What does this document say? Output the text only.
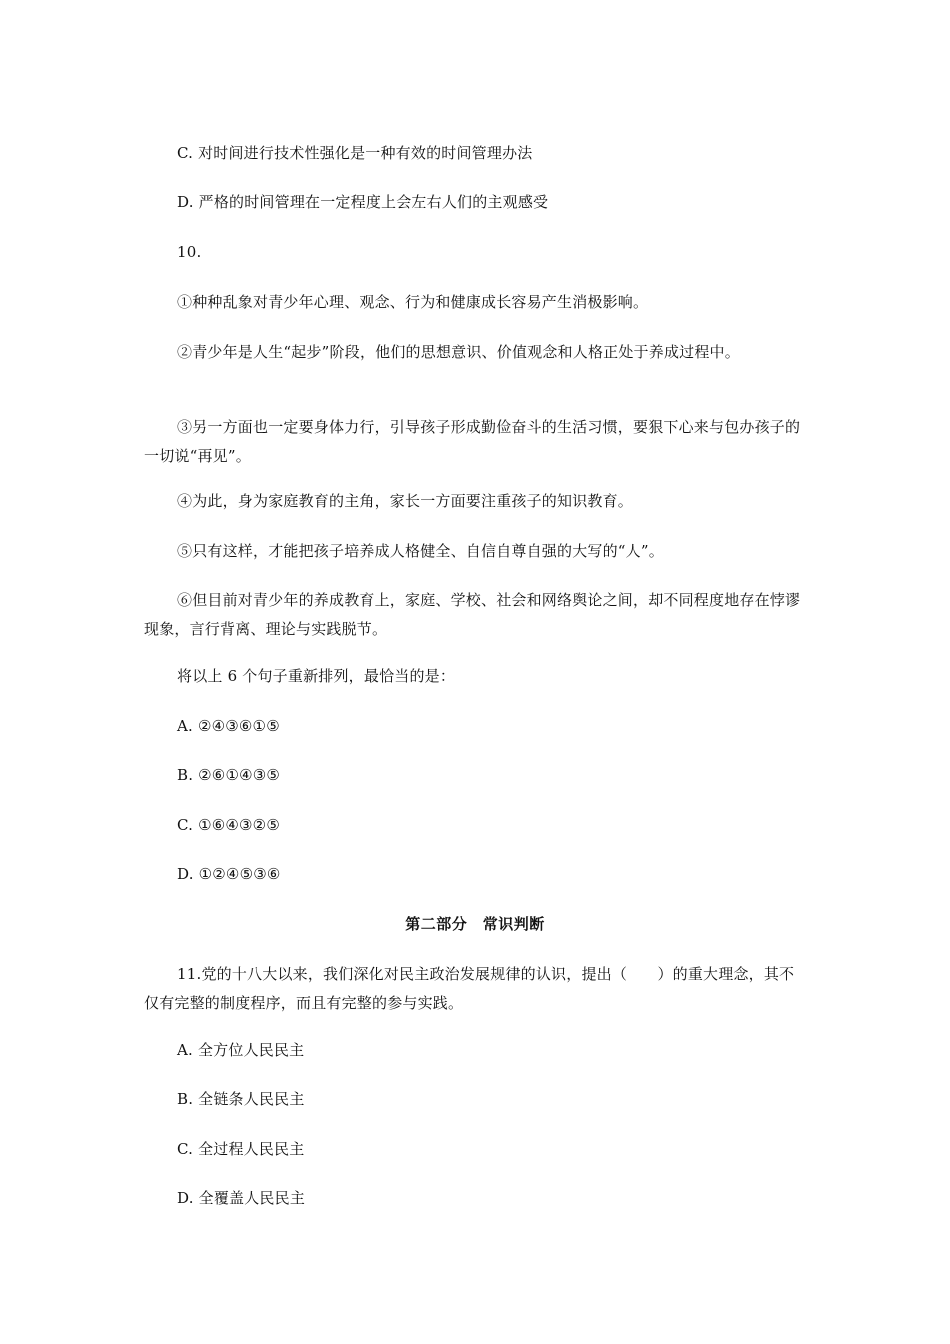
C. 对时间进行技术性强化是一种有效的时间管理办法
D. 严格的时间管理在一定程度上会左右人们的主观感受
10.
①种种乱象对青少年心理、观念、行为和健康成长容易产生消极影响。
②青少年是人生“起步”阶段，他们的思想意识、价值观念和人格正处于养成过程中。
③另一方面也一定要身体力行，引导孩子形成勤俭奋斗的生活习惯，要狠下心来与包办孩子的一切说“再见”。
④为此，身为家庭教育的主角，家长一方面要注重孩子的知识教育。
⑤只有这样，才能把孩子培养成人格健全、自信自尊自强的大写的“人”。
⑥但目前对青少年的养成教育上，家庭、学校、社会和网络舆论之间，却不同程度地存在悖谬现象，言行背离、理论与实践脱节。
将以上 6 个句子重新排列，最恰当的是：
A. ②④③⑥①⑤
B. ②⑥①④③⑤
C. ①⑥④③②⑤
D. ①②④⑤③⑥
第二部分　常识判断
11.党的十八大以来，我们深化对民主政治发展规律的认识，提出（　　）的重大理念，其不仅有完整的制度程序，而且有完整的参与实践。
A. 全方位人民民主
B. 全链条人民民主
C. 全过程人民民主
D. 全覆盖人民民主
